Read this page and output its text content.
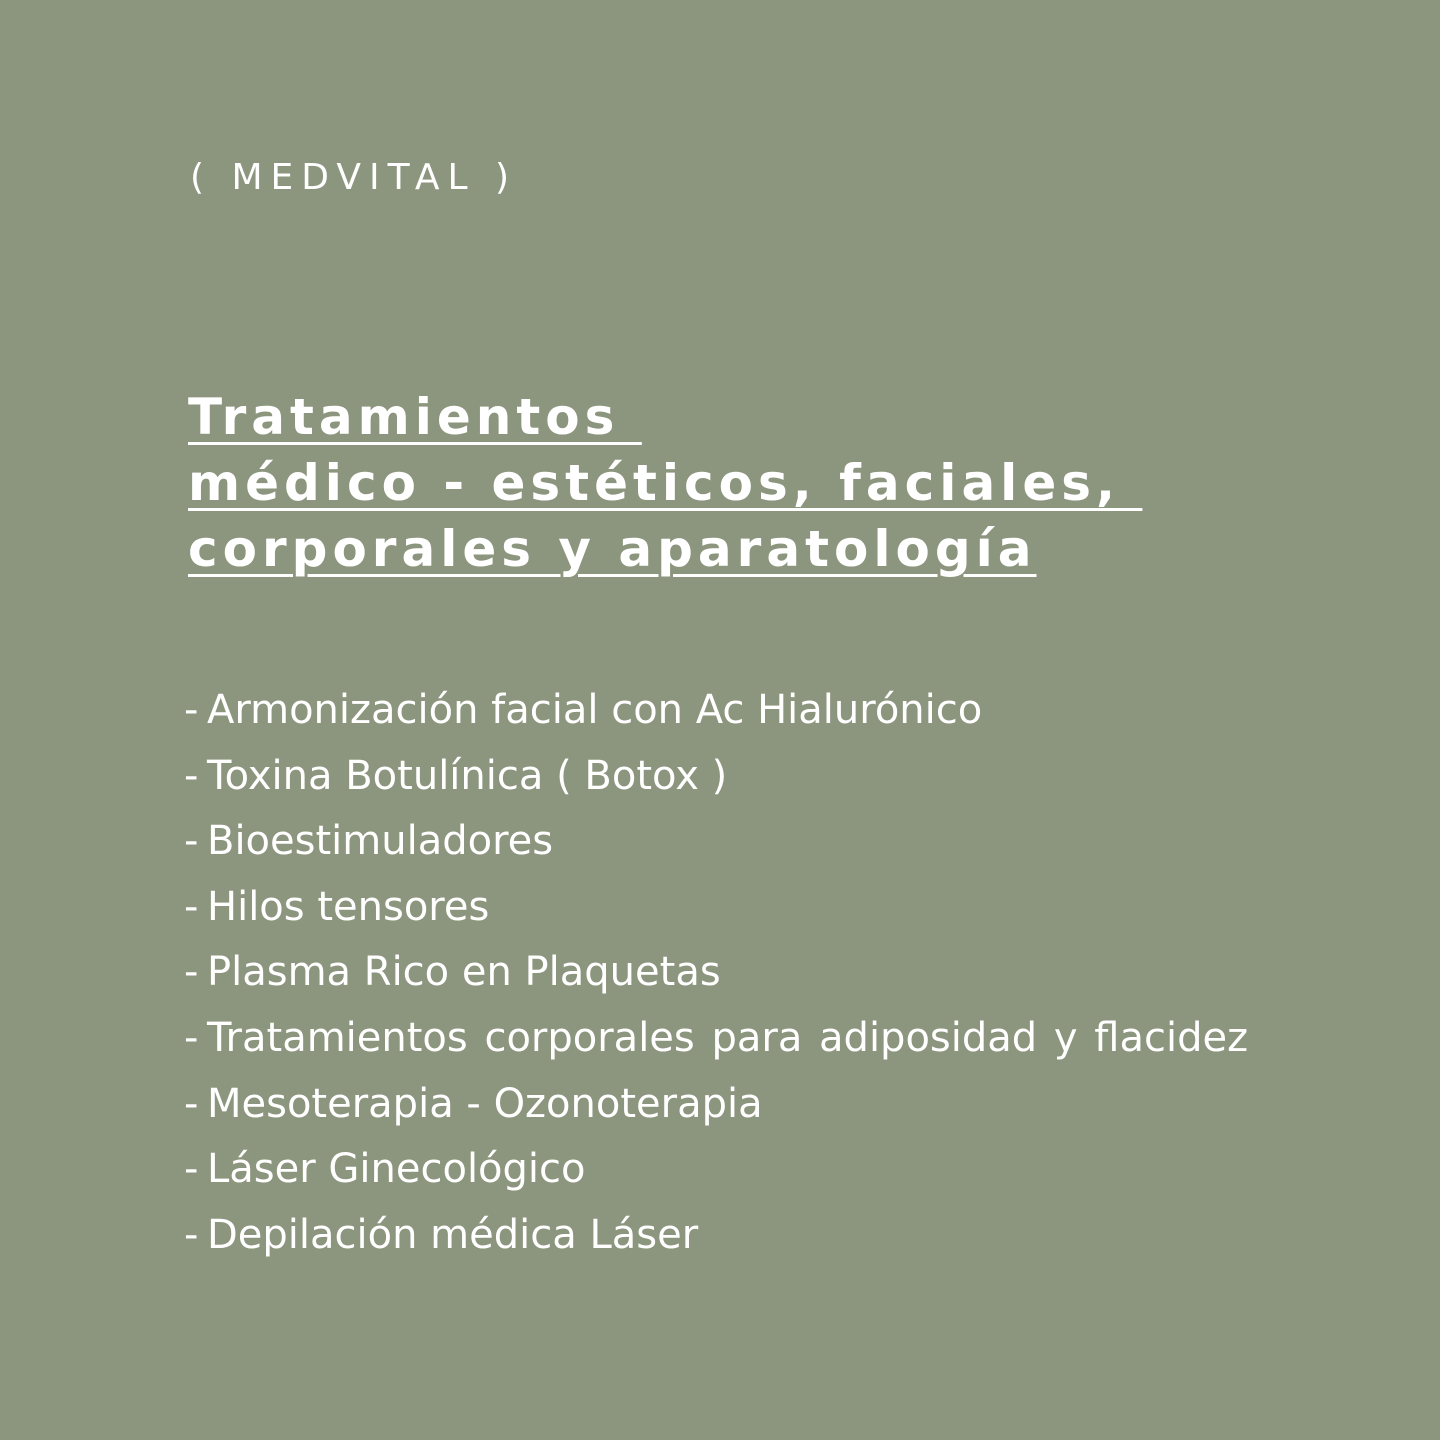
( MEDVITAL )
Tratamientos
médico - estéticos, faciales,
corporales y aparatología
- Armonización facial con Ac Hialurónico
- Toxina Botulínica ( Botox )
- Bioestimuladores
- Hilos tensores
- Plasma Rico en Plaquetas
- Tratamientos corporales para adiposidad y flacidez
- Mesoterapia - Ozonoterapia
- Láser Ginecológico
- Depilación médica Láser
